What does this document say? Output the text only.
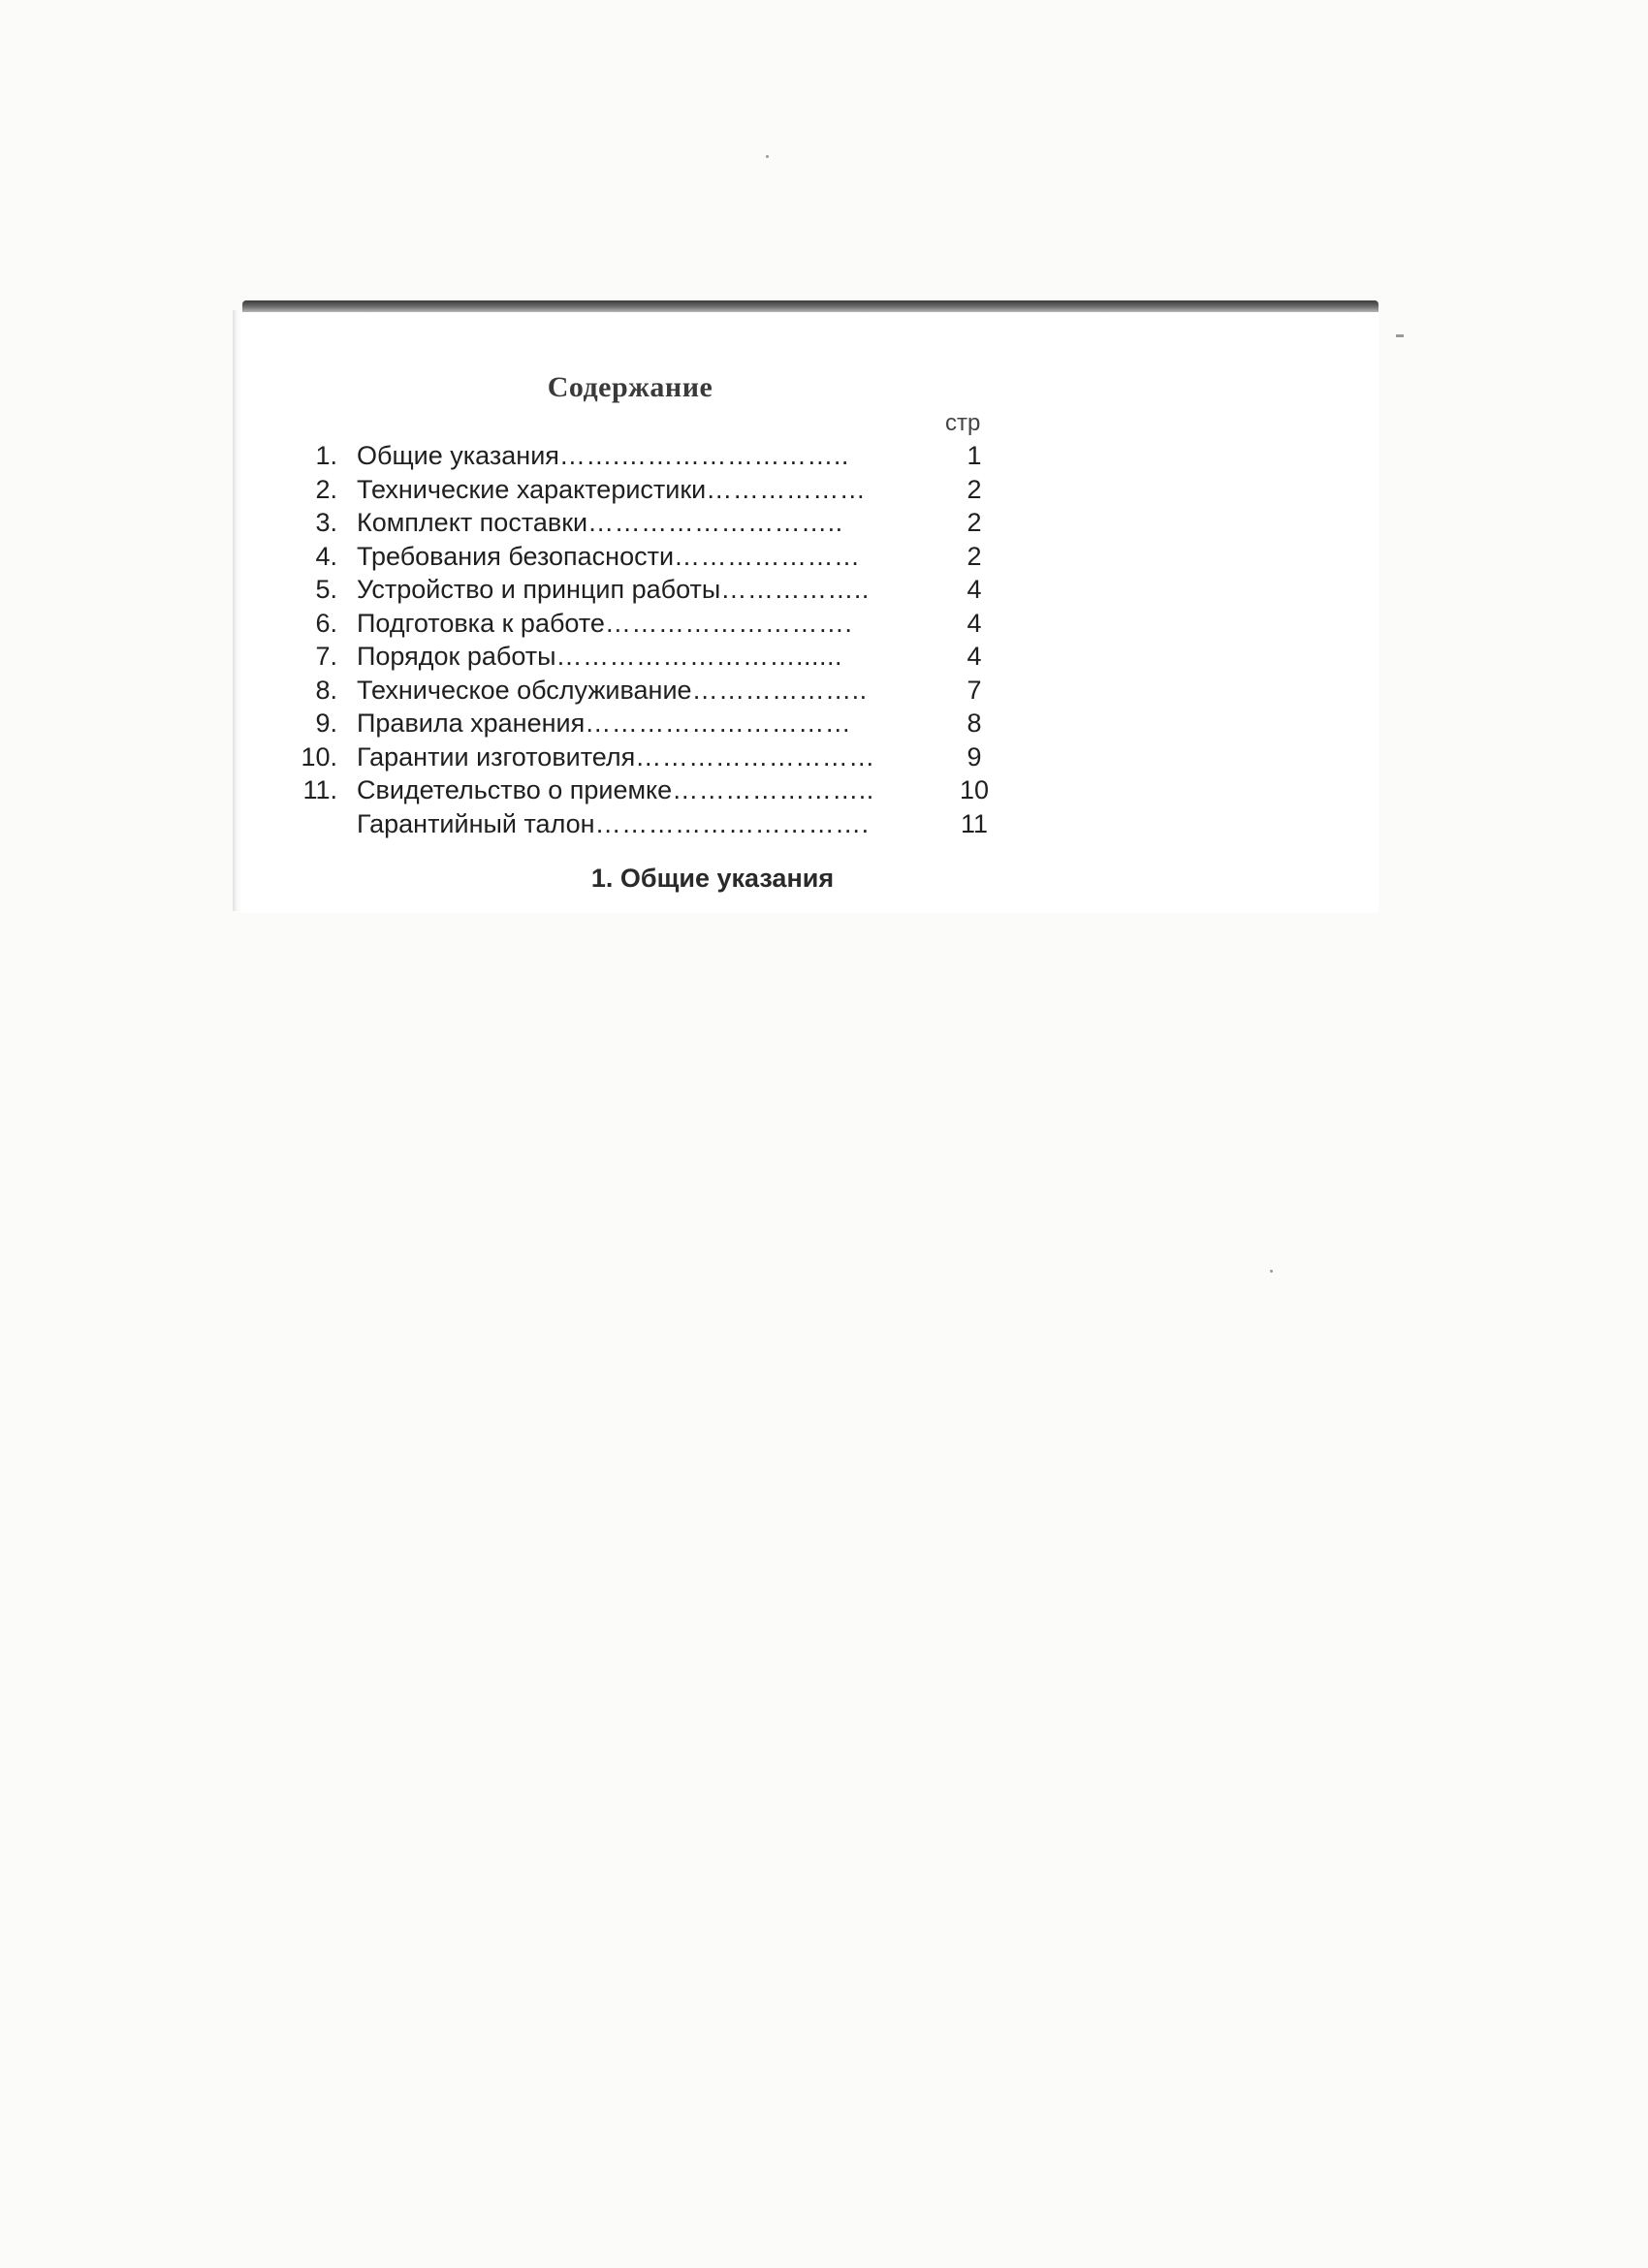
Содержание
стр
1. Общие указания…….……………………..	1
2. Технические характеристики………………	2
3. Комплект поставки………………………..	2
4. Требования безопасности…………………	2
5. Устройство и принцип работы……………..	4
6. Подготовка к работе……………………….	4
7. Порядок работы………………………......	4
8. Техническое обслуживание………………..	7
9. Правила хранения…………………………	8
10. Гарантии изготовителя………………………	9
11. Свидетельство о приемке…………………..	10
Гарантийный талон………………………….	11
1. Общие указания
